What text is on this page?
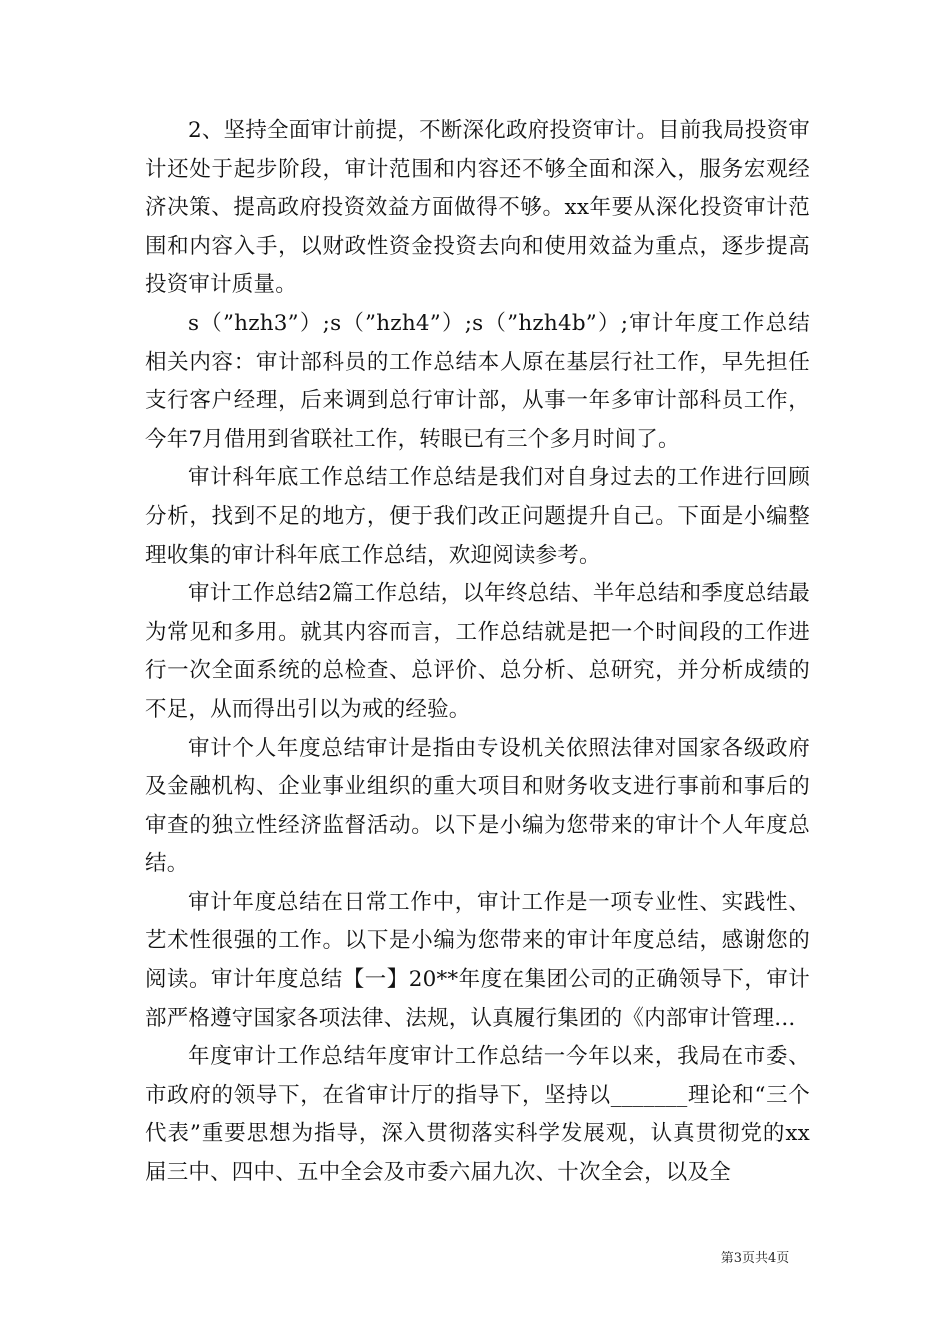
2、坚持全面审计前提，不断深化政府投资审计。目前我局投资审计还处于起步阶段，审计范围和内容还不够全面和深入，服务宏观经济决策、提高政府投资效益方面做得不够。xx年要从深化投资审计范围和内容入手，以财政性资金投资去向和使用效益为重点，逐步提高投资审计质量。

s（”hzh3”）;s（”hzh4”）;s（”hzh4b”）;审计年度工作总结相关内容：审计部科员的工作总结本人原在基层行社工作，早先担任支行客户经理，后来调到总行审计部，从事一年多审计部科员工作，今年7月借用到省联社工作，转眼已有三个多月时间了。

审计科年底工作总结工作总结是我们对自身过去的工作进行回顾分析，找到不足的地方，便于我们改正问题提升自己。下面是小编整理收集的审计科年底工作总结，欢迎阅读参考。

审计工作总结2篇工作总结，以年终总结、半年总结和季度总结最为常见和多用。就其内容而言，工作总结就是把一个时间段的工作进行一次全面系统的总检查、总评价、总分析、总研究，并分析成绩的不足，从而得出引以为戒的经验。

审计个人年度总结审计是指由专设机关依照法律对国家各级政府及金融机构、企业事业组织的重大项目和财务收支进行事前和事后的审查的独立性经济监督活动。以下是小编为您带来的审计个人年度总结。

审计年度总结在日常工作中，审计工作是一项专业性、实践性、艺术性很强的工作。以下是小编为您带来的审计年度总结，感谢您的阅读。审计年度总结【一】20**年度在集团公司的正确领导下，审计部严格遵守国家各项法律、法规，认真履行集团的《内部审计管理...

年度审计工作总结年度审计工作总结一今年以来，我局在市委、市政府的领导下，在省审计厅的指导下，坚持以_______理论和“三个代表”重要思想为指导，深入贯彻落实科学发展观，认真贯彻党的xx届三中、四中、五中全会及市委六届九次、十次全会，以及全

第3页共4页
